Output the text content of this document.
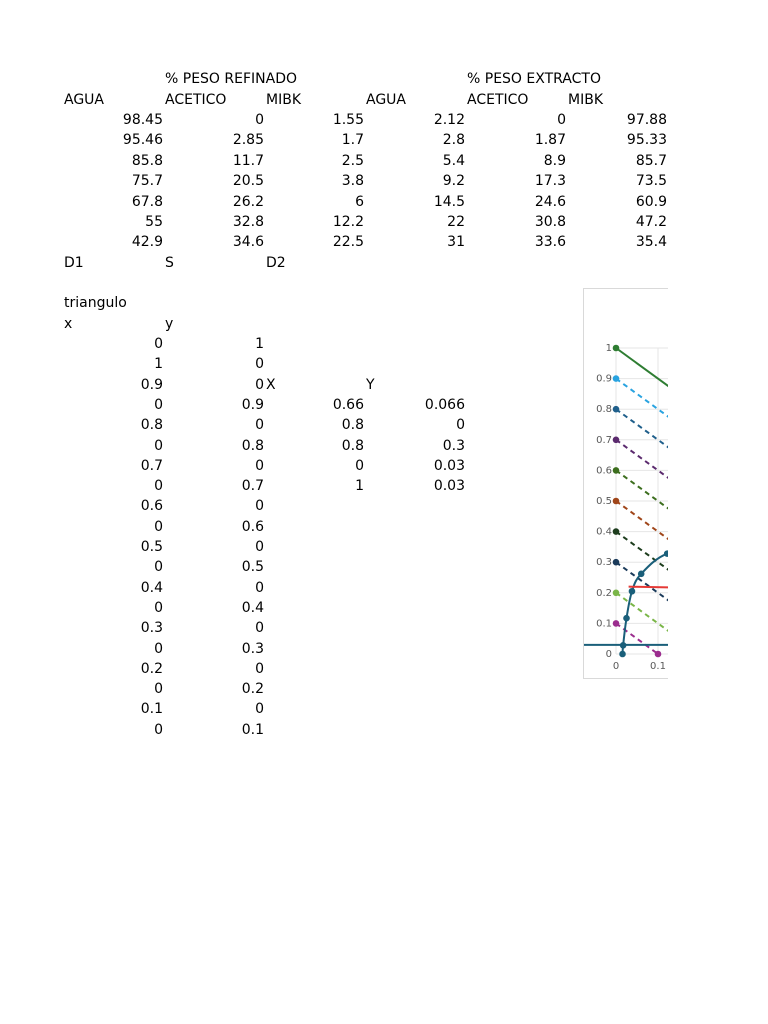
% PESO REFINADO	% PESO EXTRACTO
AGUA	ACETICO	MIBK	AGUA	ACETICO	MIBK
98.45	0	1.55	2.12	0	97.88
95.46	2.85	1.7	2.8	1.87	95.33
85.8	11.7	2.5	5.4	8.9	85.7
75.7	20.5	3.8	9.2	17.3	73.5
67.8	26.2	6	14.5	24.6	60.9
55	32.8	12.2	22	30.8	47.2
42.9	34.6	22.5	31	33.6	35.4
D1	S	D2
triangulo
x	y
0	1
1	0
0.9	0
0	0.9
0.8	0
0	0.8
0.7	0
0	0.7
0.6	0
0	0.6
0.5	0
0	0.5
0.4	0
0	0.4
0.3	0
0	0.3
0.2	0
0	0.2
0.1	0
0	0.1
X	Y
0.66	0.066
0.8	0
0.8	0.3
0	0.03
1	0.03
0
0.1
0.2
0.3
0.4
0.5
0.6
0.7
0.8
0.9
1
0	0.1
